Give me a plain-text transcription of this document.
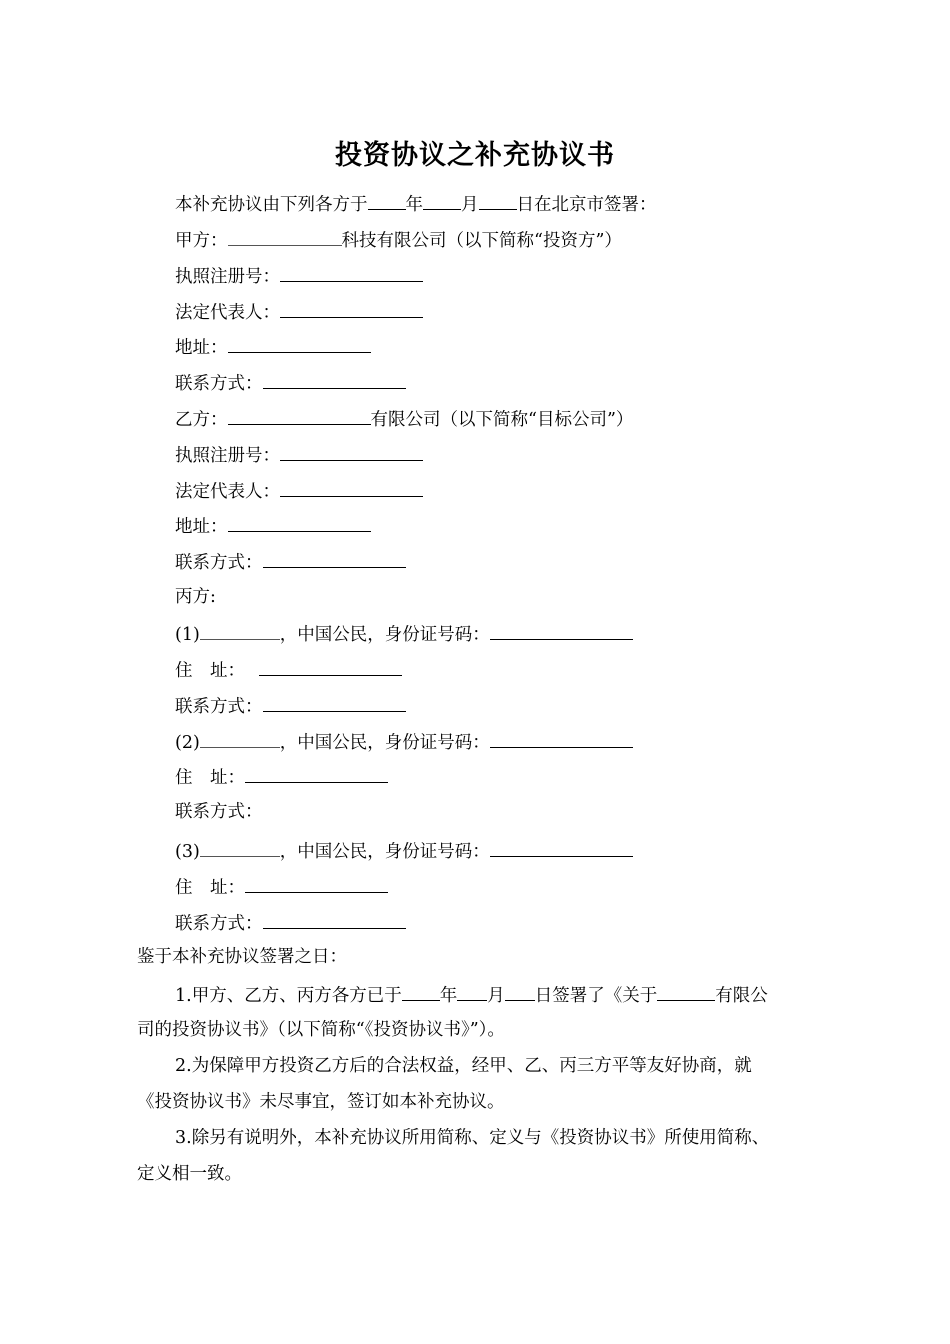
投资协议之补充协议书
本补充协议由下列各方于 年 月 日在北京市签署：
甲方：	科技有限公司（以下简称“投资方”）
执照注册号：
法定代表人：
地址：
联系方式：
乙方：	有限公司（以下简称“目标公司”）
执照注册号：
法定代表人：
地址：
联系方式：
丙方:
(1)	，中国公民，身份证号码：
住　址：
联系方式：
(2)	，中国公民，身份证号码：
住　址：
联系方式：
(3)	，中国公民，身份证号码：
住　址：
联系方式：
鉴于本补充协议签署之日：
1.甲方、乙方、丙方各方已于 年 月 日签署了《关于	有限公
司的投资协议书》（以下简称“《投资协议书》”）。
2.为保障甲方投资乙方后的合法权益，经甲、乙、丙三方平等友好协商，就
《投资协议书》未尽事宜，签订如本补充协议。
3.除另有说明外，本补充协议所用简称、定义与《投资协议书》所使用简称、
定义相一致。
